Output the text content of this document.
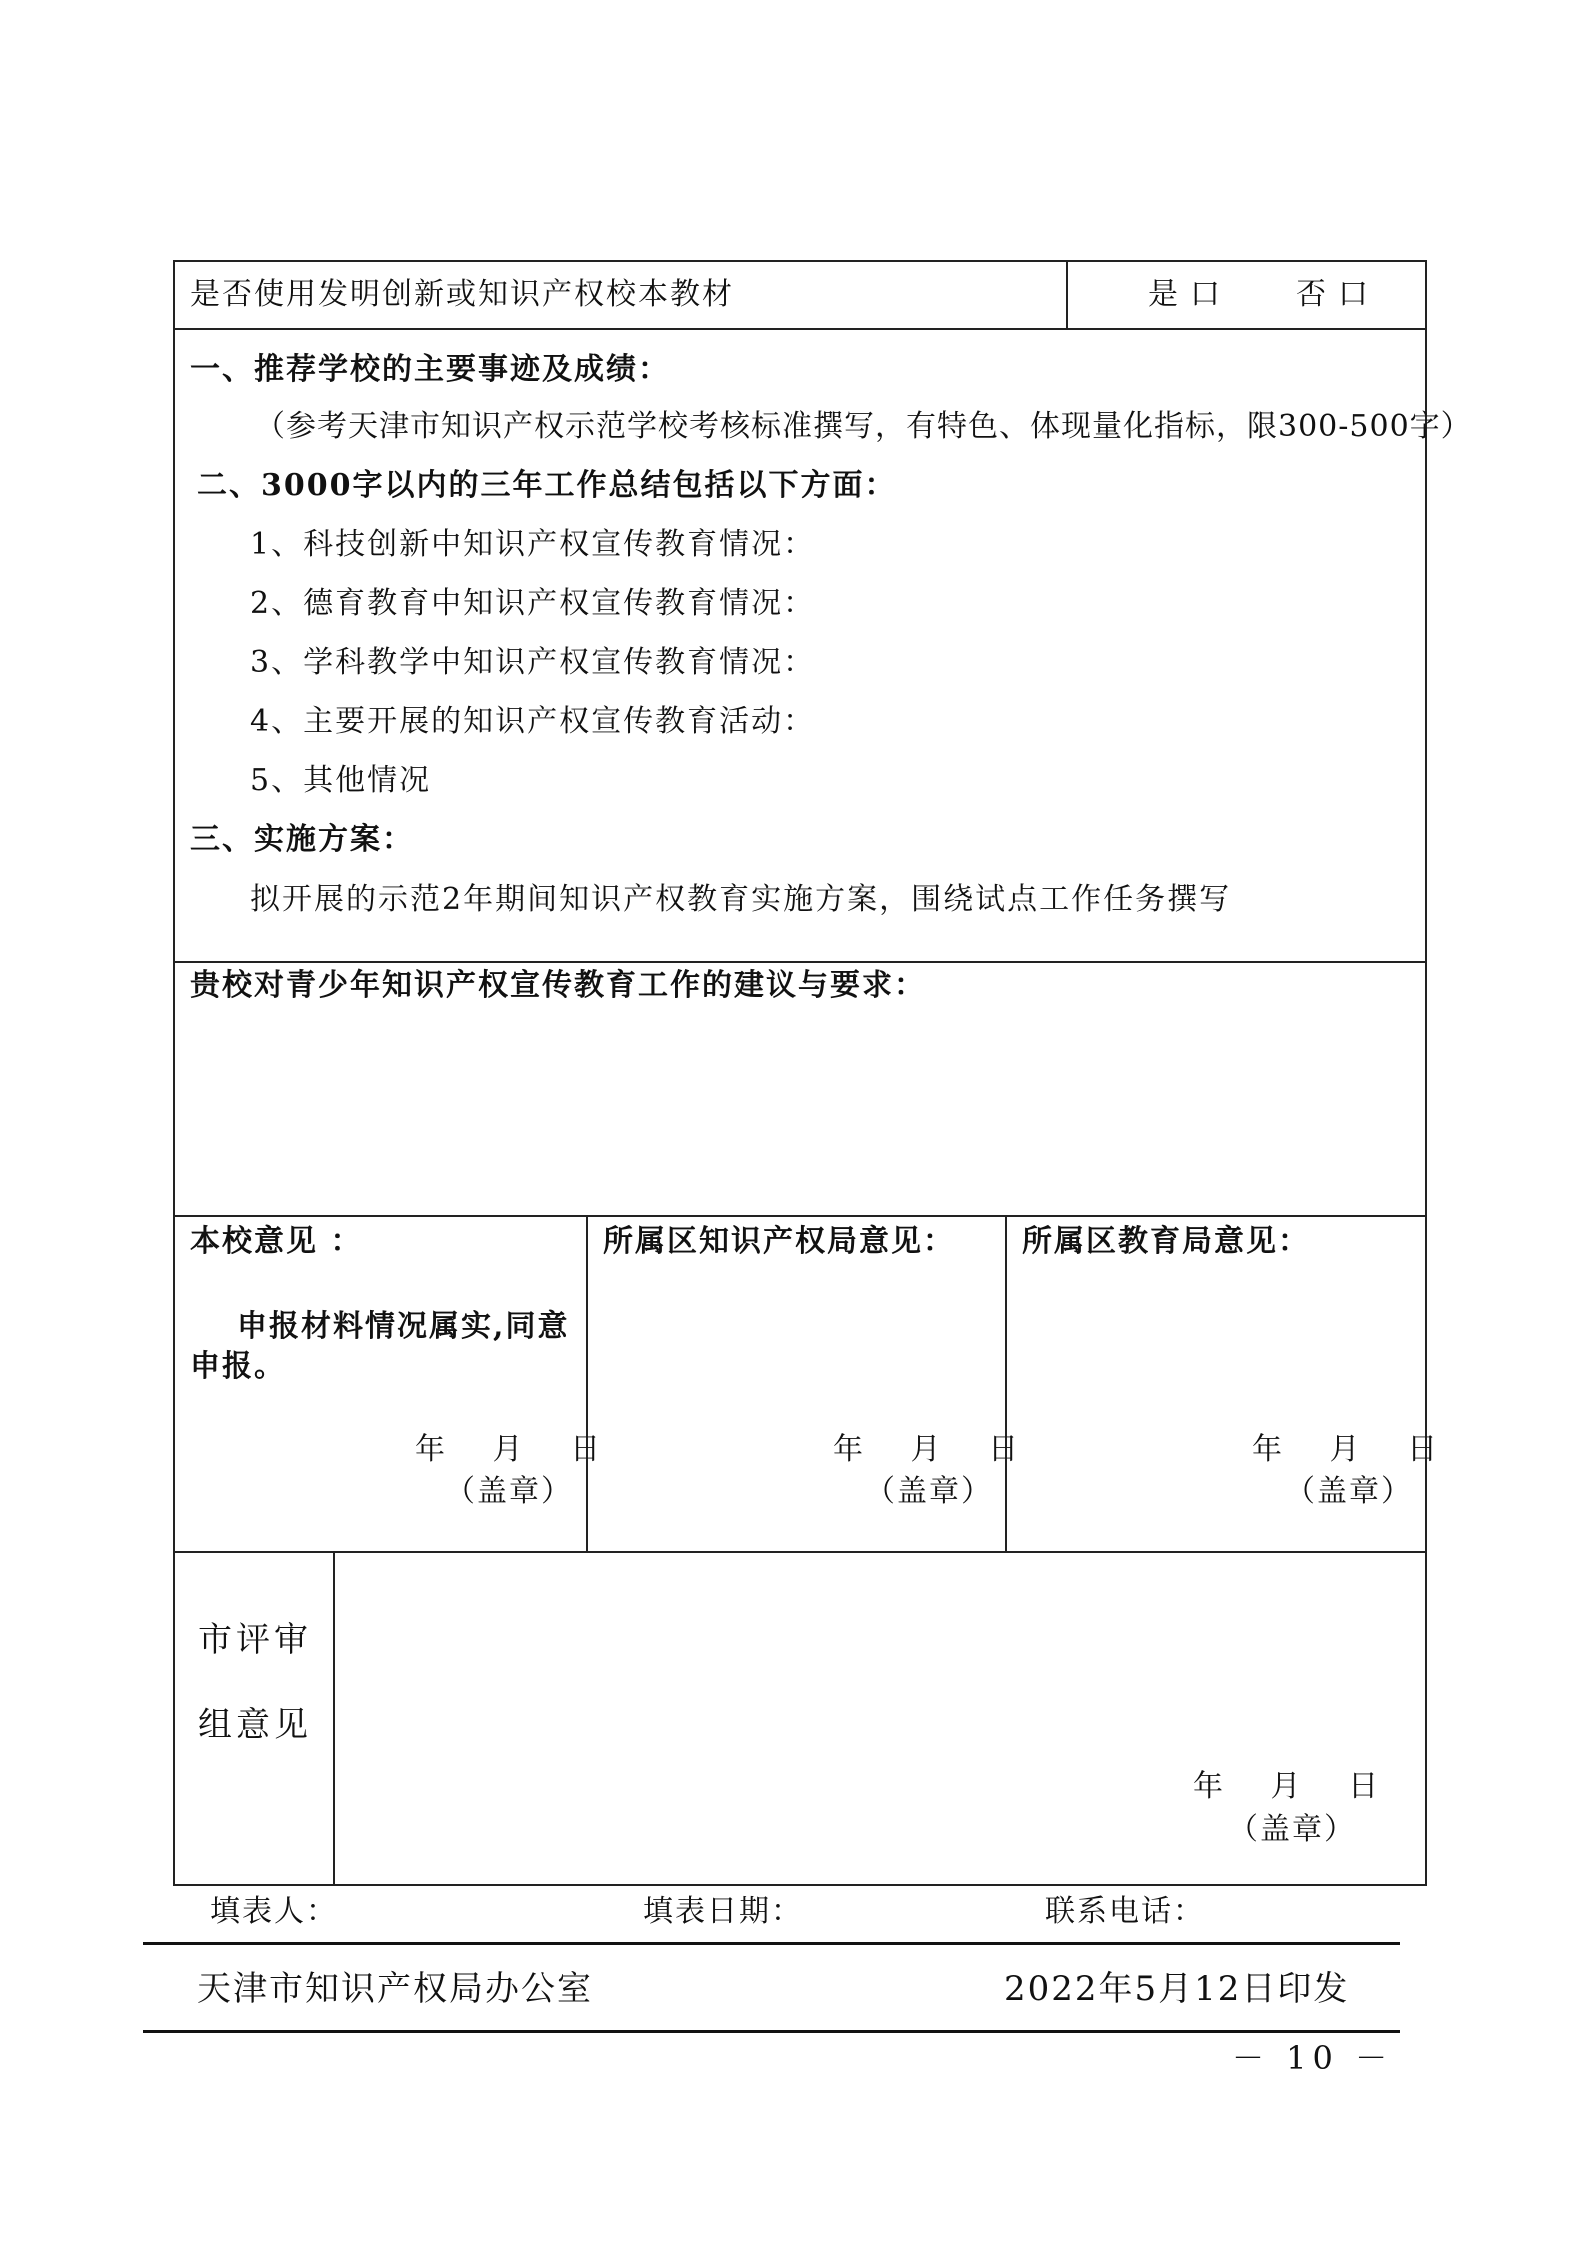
是否使用发明创新或知识产权校本教材	是口 否口
一、推荐学校的主要事迹及成绩：
（参考天津市知识产权示范学校考核标准撰写，有特色、体现量化指标，限300-500字）
二、3000字以内的三年工作总结包括以下方面：
1、科技创新中知识产权宣传教育情况：
2、德育教育中知识产权宣传教育情况：
3、学科教学中知识产权宣传教育情况：
4、主要开展的知识产权宣传教育活动：
5、其他情况
三、实施方案：
拟开展的示范2年期间知识产权教育实施方案，围绕试点工作任务撰写
贵校对青少年知识产权宣传教育工作的建议与要求：
本校意见 ：
申报材料情况属实,同意
申报。
年 月 日
（盖章）
所属区知识产权局意见：
年 月 日
（盖章）
所属区教育局意见：
年 月 日
（盖章）
市评审
组意见
年 月 日
（盖章）
填表人：	填表日期：	联系电话：
天津市知识产权局办公室	2022年5月12日印发
－ 10 －
